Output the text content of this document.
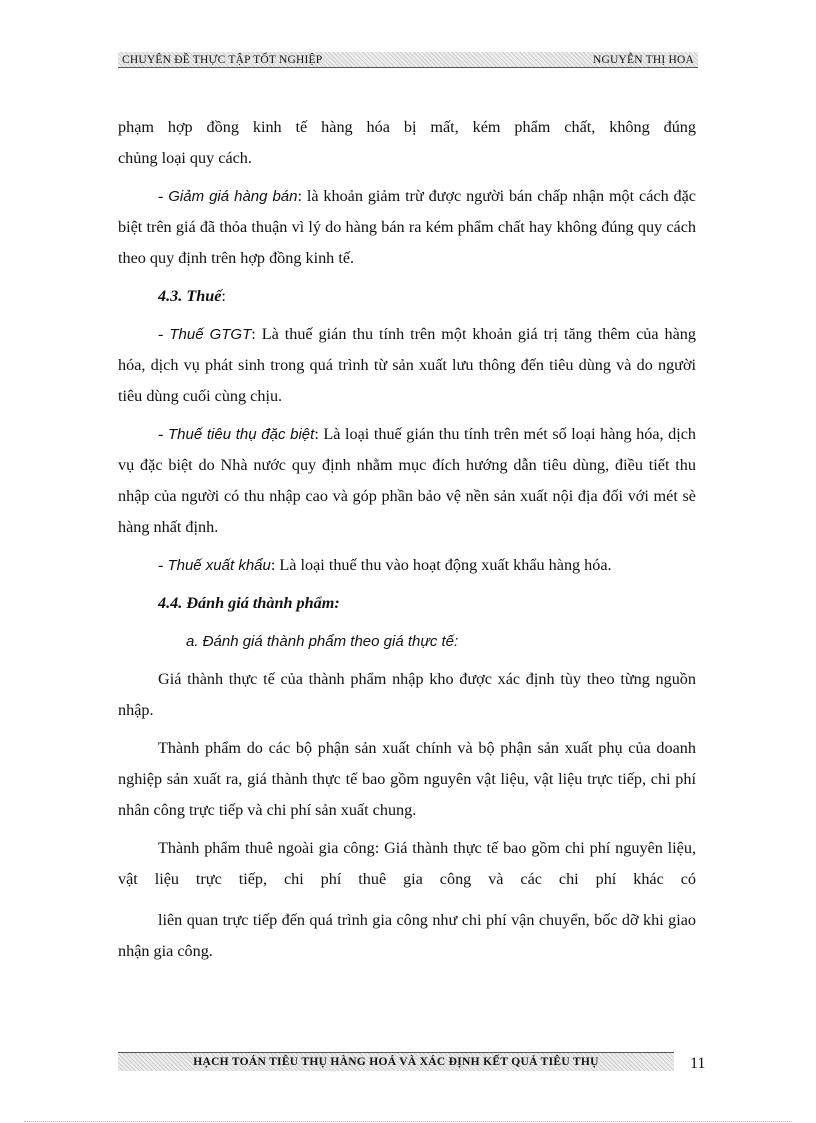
CHUYÊN ĐỀ THỰC TẬP TỐT NGHIỆP	NGUYỄN THỊ HOA

phạm hợp đồng kinh tế hàng hóa bị mất, kém phẩm chất, không đúng

chủng loại quy cách.

- Giảm giá hàng bán: là khoản giảm trừ được người bán chấp nhận một cách đặc biệt trên giá đã thỏa thuận vì lý do hàng bán ra kém phẩm chất hay không đúng quy cách theo quy định trên hợp đồng kinh tế.

4.3. Thuế:

- Thuế GTGT: Là thuế gián thu tính trên một khoản giá trị tăng thêm của hàng hóa, dịch vụ phát sinh trong quá trình từ sản xuất lưu thông đến tiêu dùng và do người tiêu dùng cuối cùng chịu.

- Thuế tiêu thụ đặc biệt: Là loại thuế gián thu tính trên mét số loại hàng hóa, dịch vụ đặc biệt do Nhà nước quy định nhằm mục đích hướng dẫn tiêu dùng, điều tiết thu nhập của người có thu nhập cao và góp phần bảo vệ nền sản xuất nội địa đối với mét sè hàng nhất định.

- Thuế xuất khẩu: Là loại thuế thu vào hoạt động xuất khẩu hàng hóa.

4.4. Đánh giá thành phẩm:

a. Đánh giá thành phẩm theo giá thực tế:

Giá thành thực tế của thành phẩm nhập kho được xác định tùy theo từng nguồn nhập.

Thành phẩm do các bộ phận sản xuất chính và bộ phận sản xuất phụ của doanh nghiệp sản xuất ra, giá thành thực tế bao gồm nguyên vật liệu, vật liệu trực tiếp, chi phí nhân công trực tiếp và chi phí sản xuất chung.

Thành phẩm thuê ngoài gia công: Giá thành thực tế bao gồm chi phí nguyên liệu, vật liệu trực tiếp, chi phí thuê gia công và các chi phí khác có

liên quan trực tiếp đến quá trình gia công như chi phí vận chuyển, bốc dỡ khi giao nhận gia công.

HẠCH TOÁN TIÊU THỤ HÀNG HOÁ VÀ XÁC ĐỊNH KẾT QUẢ TIÊU THỤ	11
